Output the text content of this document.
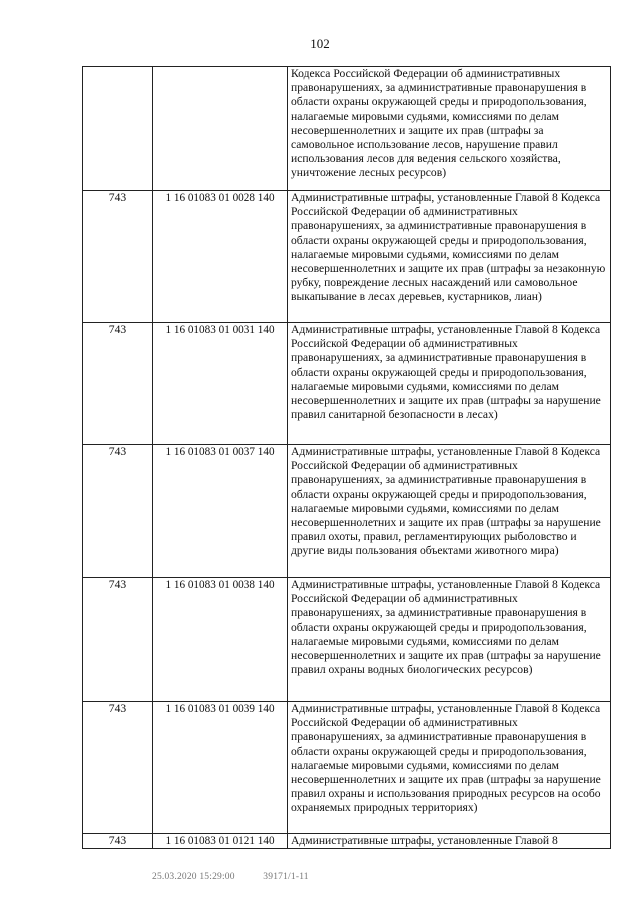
102
		Кодекса Российской Федерации об административных правонарушениях, за административные правонарушения в области охраны окружающей среды и природопользования, налагаемые мировыми судьями, комиссиями по делам несовершеннолетних и защите их прав (штрафы за самовольное использование лесов, нарушение правил использования лесов для ведения сельского хозяйства, уничтожение лесных ресурсов)
743	1 16 01083 01 0028 140	Административные штрафы, установленные Главой 8 Кодекса Российской Федерации об административных правонарушениях, за административные правонарушения в области охраны окружающей среды и природопользования, налагаемые мировыми судьями, комиссиями по делам несовершеннолетних и защите их прав (штрафы за незаконную рубку, повреждение лесных насаждений или самовольное выкапывание в лесах деревьев, кустарников, лиан)
743	1 16 01083 01 0031 140	Административные штрафы, установленные Главой 8 Кодекса Российской Федерации об административных правонарушениях, за административные правонарушения в области охраны окружающей среды и природопользования, налагаемые мировыми судьями, комиссиями по делам несовершеннолетних и защите их прав (штрафы за нарушение правил санитарной безопасности в лесах)
743	1 16 01083 01 0037 140	Административные штрафы, установленные Главой 8 Кодекса Российской Федерации об административных правонарушениях, за административные правонарушения в области охраны окружающей среды и природопользования, налагаемые мировыми судьями, комиссиями по делам несовершеннолетних и защите их прав (штрафы за нарушение правил охоты, правил, регламентирующих рыболовство и другие виды пользования объектами животного мира)
743	1 16 01083 01 0038 140	Административные штрафы, установленные Главой 8 Кодекса Российской Федерации об административных правонарушениях, за административные правонарушения в области охраны окружающей среды и природопользования, налагаемые мировыми судьями, комиссиями по делам несовершеннолетних и защите их прав (штрафы за нарушение правил охраны водных биологических ресурсов)
743	1 16 01083 01 0039 140	Административные штрафы, установленные Главой 8 Кодекса Российской Федерации об административных правонарушениях, за административные правонарушения в области охраны окружающей среды и природопользования, налагаемые мировыми судьями, комиссиями по делам несовершеннолетних и защите их прав (штрафы за нарушение правил охраны и использования природных ресурсов на особо охраняемых природных территориях)
743	1 16 01083 01 0121 140	Административные штрафы, установленные Главой 8
25.03.2020 15:29:00	39171/1-11
